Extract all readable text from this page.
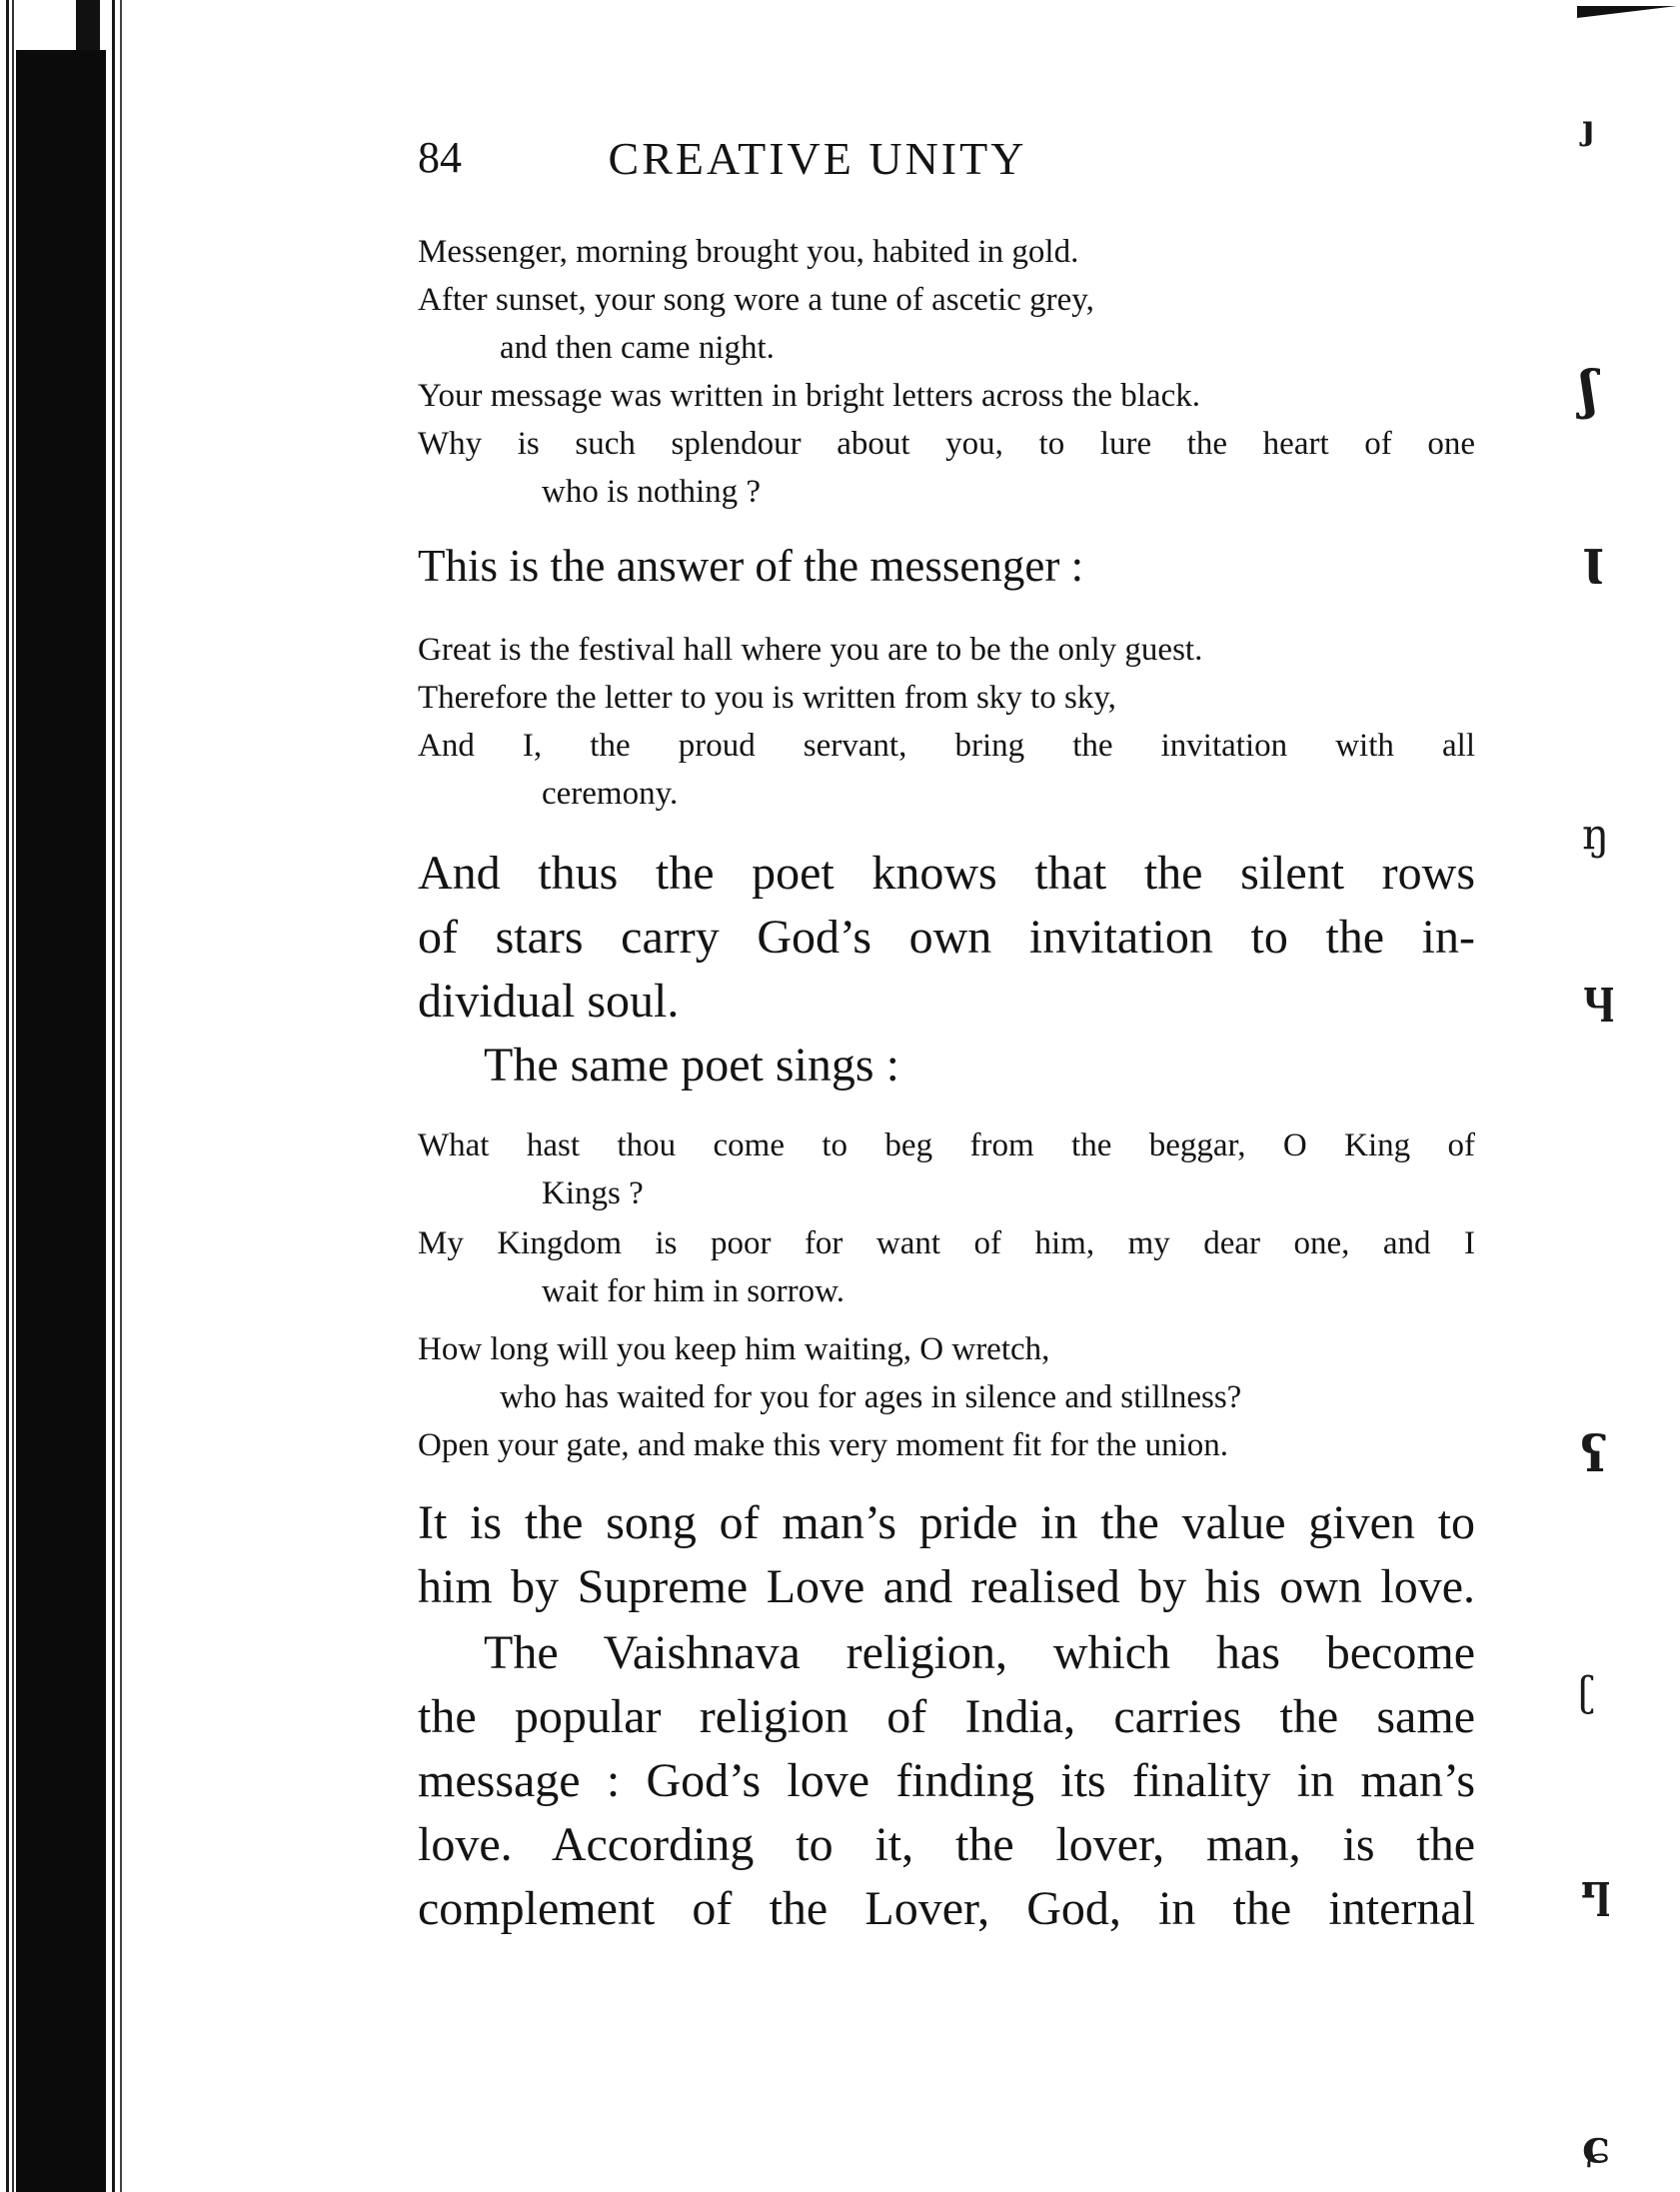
ȷ
ʃ
Ɩ
ŋ
Ⴗ
ʕ
ʗ
Ⴄ
ɕ
84	CREATIVE UNITY
Messenger, morning brought you, habited in gold.
After sunset, your song wore a tune of ascetic grey,
and then came night.
Your message was written in bright letters across the black.
Why is such splendour about you, to lure the heart of one
who is nothing ?
This is the answer of the messenger :
Great is the festival hall where you are to be the only guest.
Therefore the letter to you is written from sky to sky,
And I, the proud servant, bring the invitation with all
ceremony.

And thus the poet knows that the silent rows

of stars carry God’s own invitation to the in-

dividual soul.

The same poet sings :

What hast thou come to beg from the beggar, O King of
Kings ?
My Kingdom is poor for want of him, my dear one, and I
wait for him in sorrow.
How long will you keep him waiting, O wretch,
who has waited for you for ages in silence and stillness?
Open your gate, and make this very moment fit for the union.

It is the song of man’s pride in the value given to

him by Supreme Love and realised by his own love.

The Vaishnava religion, which has become

the popular religion of India, carries the same

message : God’s love finding its finality in man’s

love. According to it, the lover, man, is the

complement of the Lover, God, in the internal
